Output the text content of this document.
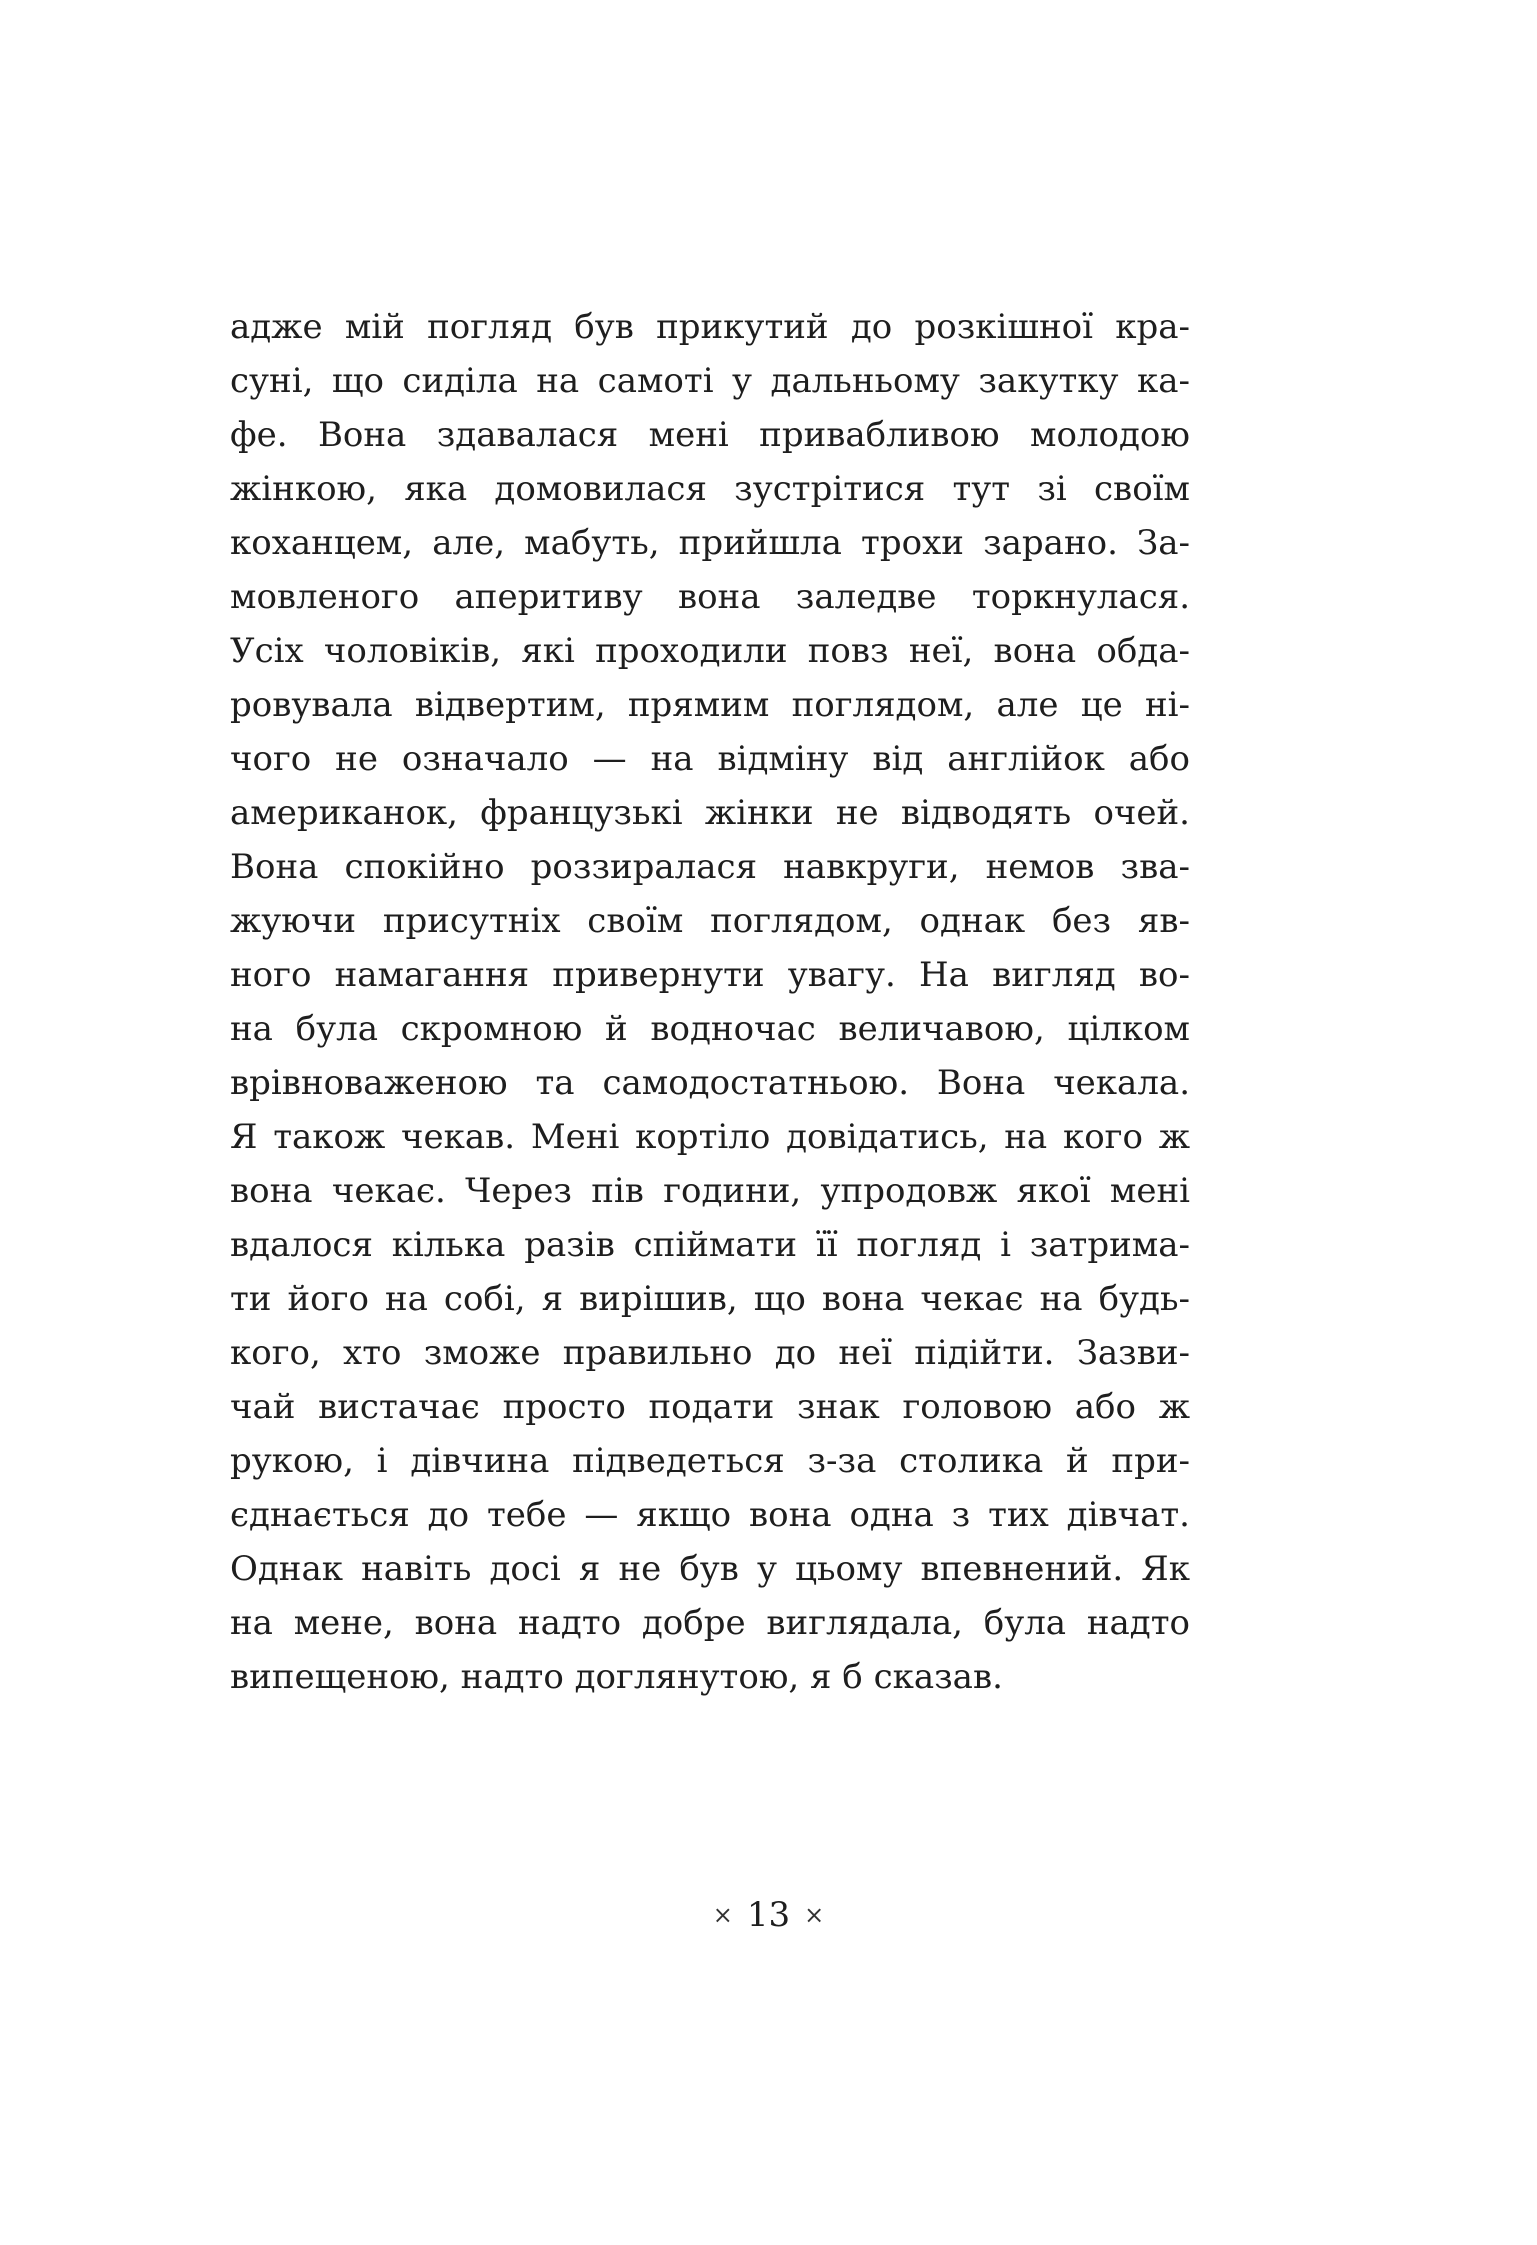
адже мій погляд був прикутий до розкішної кра-
суні, що сиділа на самоті у дальньому закутку ка-
фе. Вона здавалася мені привабливою молодою
жінкою, яка домовилася зустрітися тут зі своїм
коханцем, але, мабуть, прийшла трохи зарано. За-
мовленого аперитиву вона заледве торкнулася.
Усіх чоловіків, які проходили повз неї, вона обда-
ровувала відвертим, прямим поглядом, але це ні-
чого не означало — на відміну від англійок або
американок, французькі жінки не відводять очей.
Вона спокійно роззиралася навкруги, немов зва-
жуючи присутніх своїм поглядом, однак без яв-
ного намагання привернути увагу. На вигляд во-
на була скромною й водночас величавою, цілком
врівноваженою та самодостатньою. Вона чекала.
Я також чекав. Мені кортіло довідатись, на кого ж
вона чекає. Через пів години, упродовж якої мені
вдалося кілька разів спіймати її погляд і затрима-
ти його на собі, я вирішив, що вона чекає на будь-
кого, хто зможе правильно до неї підійти. Зазви-
чай вистачає просто подати знак головою або ж
рукою, і дівчина підведеться з-за столика й при-
єднається до тебе — якщо вона одна з тих дівчат.
Однак навіть досі я не був у цьому впевнений. Як
на мене, вона надто добре виглядала, була надто
випещеною, надто доглянутою, я б сказав.
× 13 ×
